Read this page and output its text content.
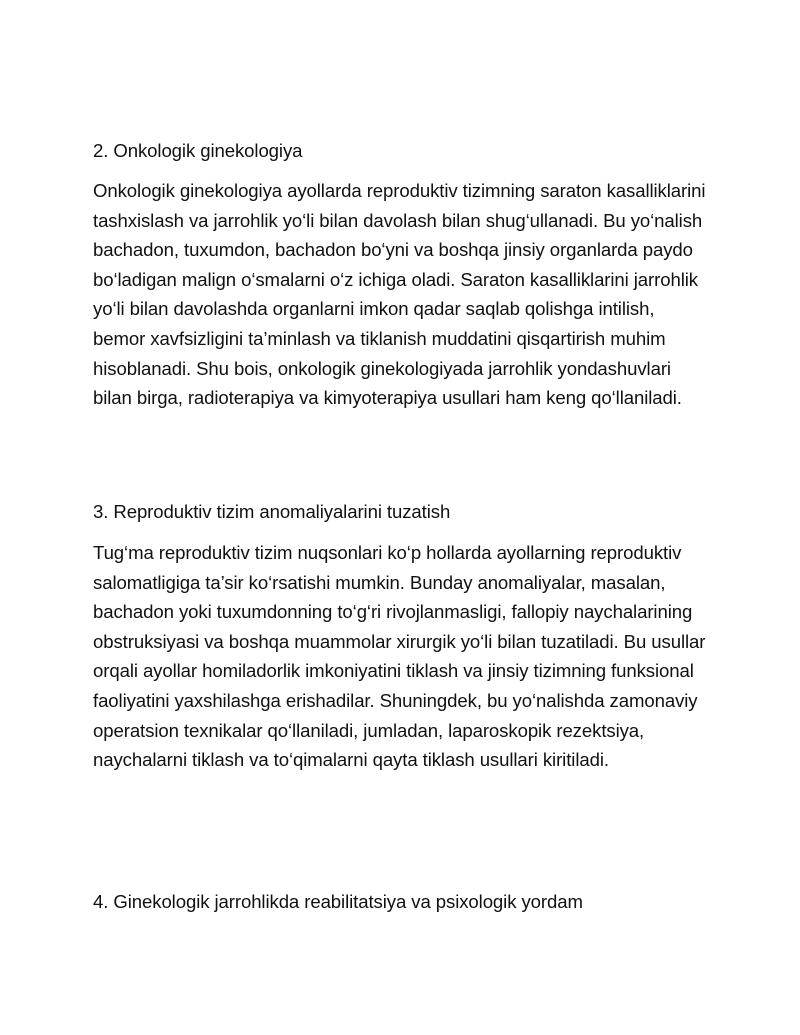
2. Onkologik ginekologiya
Onkologik ginekologiya ayollarda reproduktiv tizimning saraton kasalliklarini tashxislash va jarrohlik yo‘li bilan davolash bilan shug‘ullanadi. Bu yo‘nalish bachadon, tuxumdon, bachadon bo‘yni va boshqa jinsiy organlarda paydo bo‘ladigan malign o‘smalarni o‘z ichiga oladi. Saraton kasalliklarini jarrohlik yo‘li bilan davolashda organlarni imkon qadar saqlab qolishga intilish, bemor xavfsizligini ta’minlash va tiklanish muddatini qisqartirish muhim hisoblanadi. Shu bois, onkologik ginekologiyada jarrohlik yondashuvlari bilan birga, radioterapiya va kimyoterapiya usullari ham keng qo‘llaniladi.
3. Reproduktiv tizim anomaliyalarini tuzatish
Tug‘ma reproduktiv tizim nuqsonlari ko‘p hollarda ayollarning reproduktiv salomatligiga ta’sir ko‘rsatishi mumkin. Bunday anomaliyalar, masalan, bachadon yoki tuxumdonning to‘g‘ri rivojlanmasligi, fallopiy naychalarining obstruksiyasi va boshqa muammolar xirurgik yo‘li bilan tuzatiladi. Bu usullar orqali ayollar homiladorlik imkoniyatini tiklash va jinsiy tizimning funksional faoliyatini yaxshilashga erishadilar. Shuningdek, bu yo‘nalishda zamonaviy operatsion texnikalar qo‘llaniladi, jumladan, laparoskopik rezektsiya, naychalarni tiklash va to‘qimalarni qayta tiklash usullari kiritiladi.
4. Ginekologik jarrohlikda reabilitatsiya va psixologik yordam
